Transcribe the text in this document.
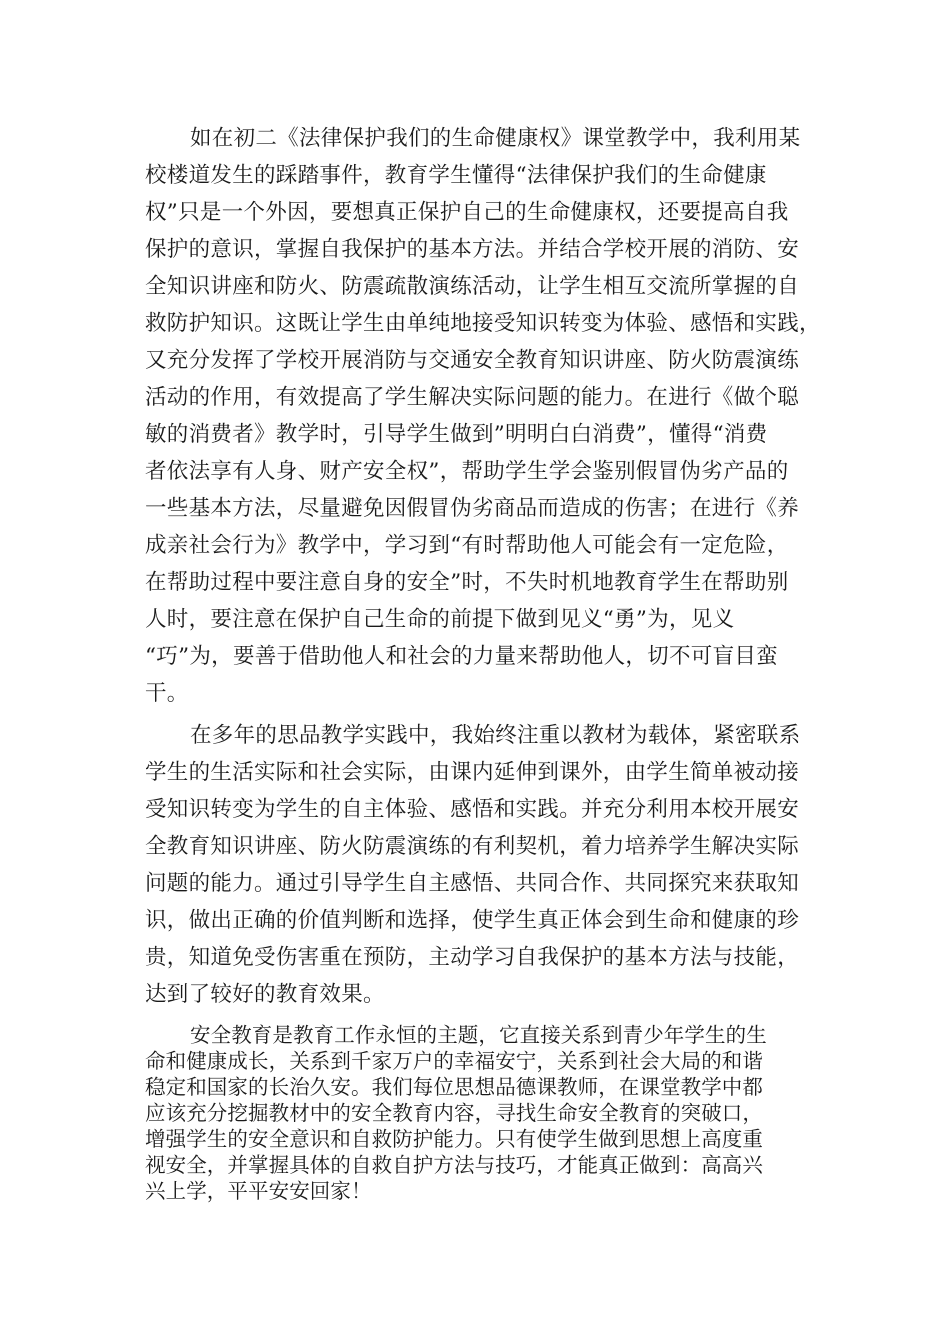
如在初二《法律保护我们的生命健康权》课堂教学中，我利用某

校楼道发生的踩踏事件，教育学生懂得“法律保护我们的生命健康

权”只是一个外因，要想真正保护自己的生命健康权，还要提高自我

保护的意识，掌握自我保护的基本方法。并结合学校开展的消防、安

全知识讲座和防火、防震疏散演练活动，让学生相互交流所掌握的自

救防护知识。这既让学生由单纯地接受知识转变为体验、感悟和实践，

又充分发挥了学校开展消防与交通安全教育知识讲座、防火防震演练

活动的作用，有效提高了学生解决实际问题的能力。在进行《做个聪

敏的消费者》教学时，引导学生做到”明明白白消费”，懂得“消费

者依法享有人身、财产安全权”，帮助学生学会鉴别假冒伪劣产品的

一些基本方法，尽量避免因假冒伪劣商品而造成的伤害；在进行《养

成亲社会行为》教学中，学习到“有时帮助他人可能会有一定危险，

在帮助过程中要注意自身的安全”时，不失时机地教育学生在帮助别

人时，要注意在保护自己生命的前提下做到见义“勇”为，见义

“巧”为，要善于借助他人和社会的力量来帮助他人，切不可盲目蛮

干。

在多年的思品教学实践中，我始终注重以教材为载体，紧密联系

学生的生活实际和社会实际，由课内延伸到课外，由学生简单被动接

受知识转变为学生的自主体验、感悟和实践。并充分利用本校开展安

全教育知识讲座、防火防震演练的有利契机，着力培养学生解决实际

问题的能力。通过引导学生自主感悟、共同合作、共同探究来获取知

识，做出正确的价值判断和选择，使学生真正体会到生命和健康的珍

贵，知道免受伤害重在预防，主动学习自我保护的基本方法与技能，

达到了较好的教育效果。

安全教育是教育工作永恒的主题，它直接关系到青少年学生的生

命和健康成长，关系到千家万户的幸福安宁，关系到社会大局的和谐

稳定和国家的长治久安。我们每位思想品德课教师，在课堂教学中都

应该充分挖掘教材中的安全教育内容，寻找生命安全教育的突破口，

增强学生的安全意识和自救防护能力。只有使学生做到思想上高度重

视安全，并掌握具体的自救自护方法与技巧，才能真正做到：高高兴

兴上学，平平安安回家！
